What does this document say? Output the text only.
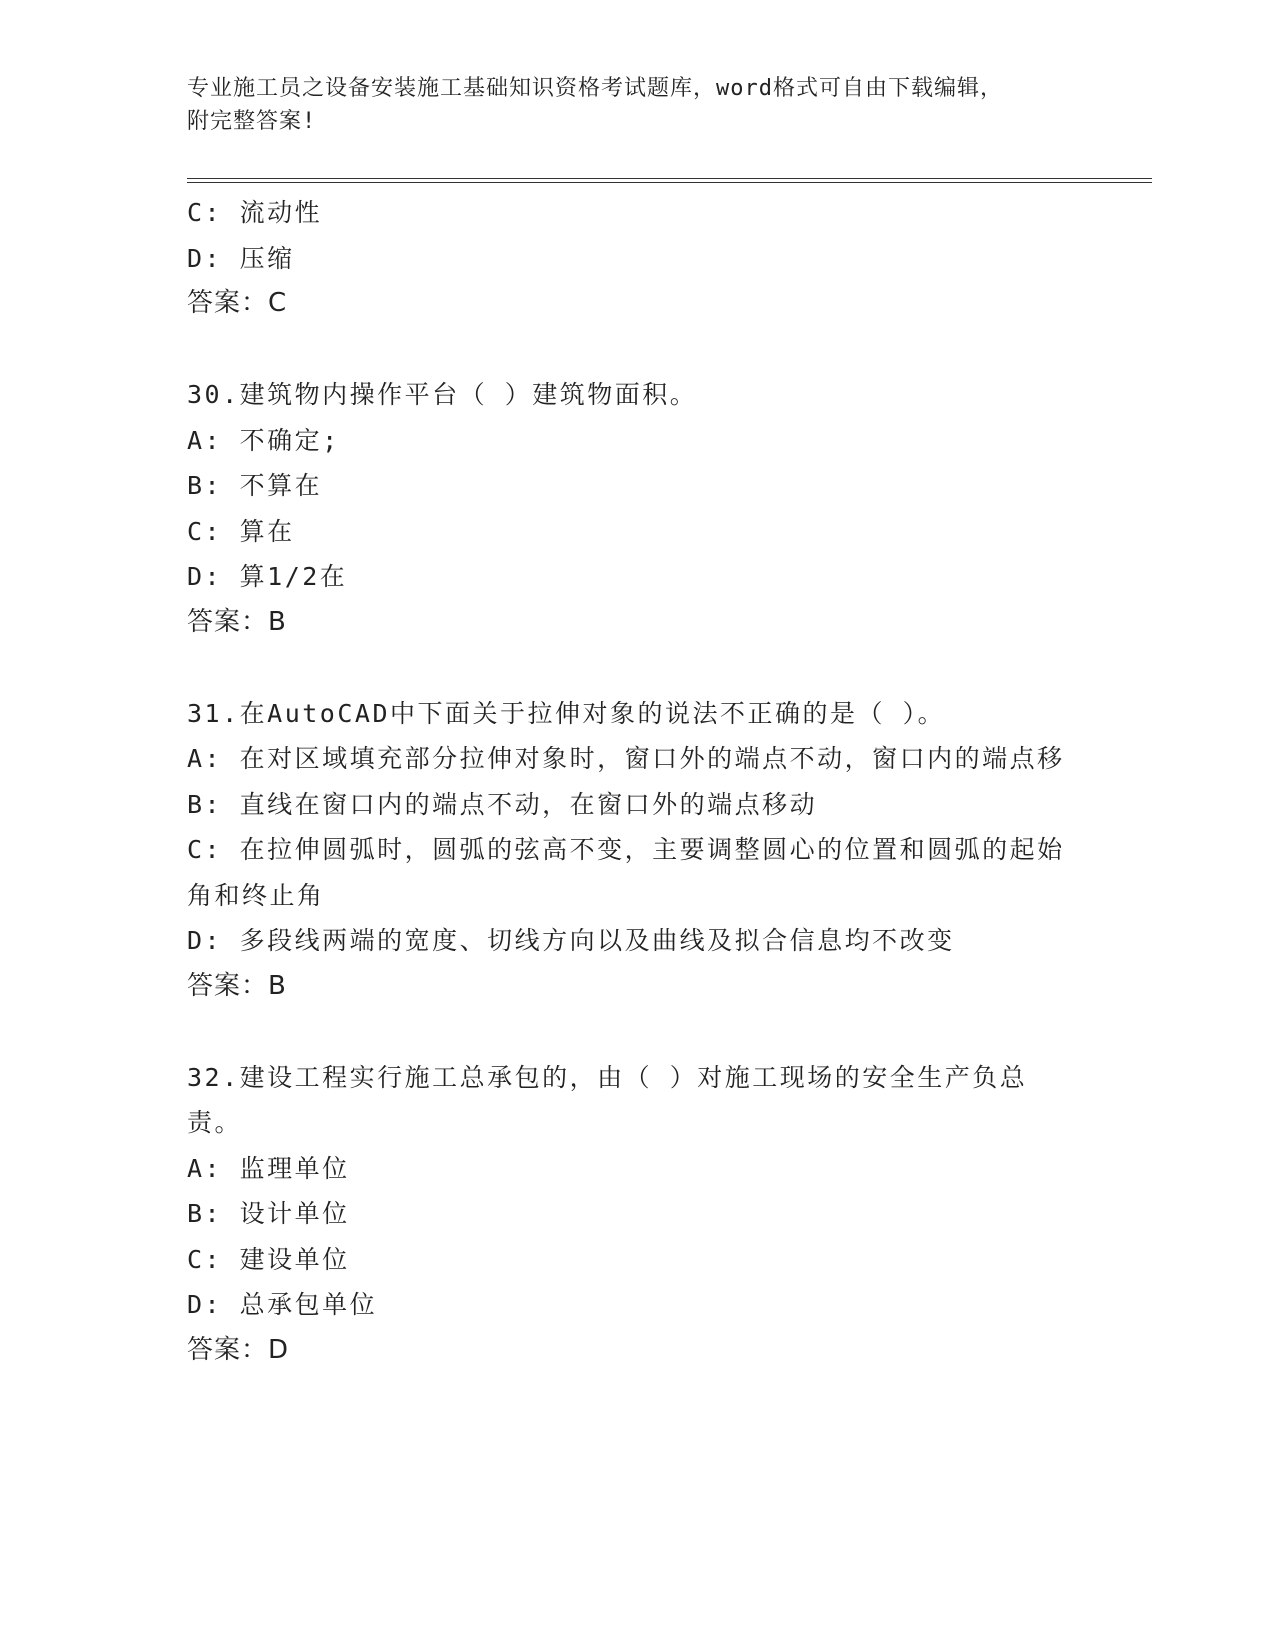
专业施工员之设备安装施工基础知识资格考试题库，word格式可自由下载编辑，
附完整答案!
C: 流动性
D: 压缩
答案：C
30.建筑物内操作平台（ ）建筑物面积。
A: 不确定;
B: 不算在
C: 算在
D: 算1/2在
答案：B
31.在AutoCAD中下面关于拉伸对象的说法不正确的是（ ）。
A: 在对区域填充部分拉伸对象时，窗口外的端点不动，窗口内的端点移
B: 直线在窗口内的端点不动，在窗口外的端点移动
C: 在拉伸圆弧时，圆弧的弦高不变，主要调整圆心的位置和圆弧的起始角和终止角
D: 多段线两端的宽度、切线方向以及曲线及拟合信息均不改变
答案：B
32.建设工程实行施工总承包的，由（ ）对施工现场的安全生产负总责。
A: 监理单位
B: 设计单位
C: 建设单位
D: 总承包单位
答案：D
